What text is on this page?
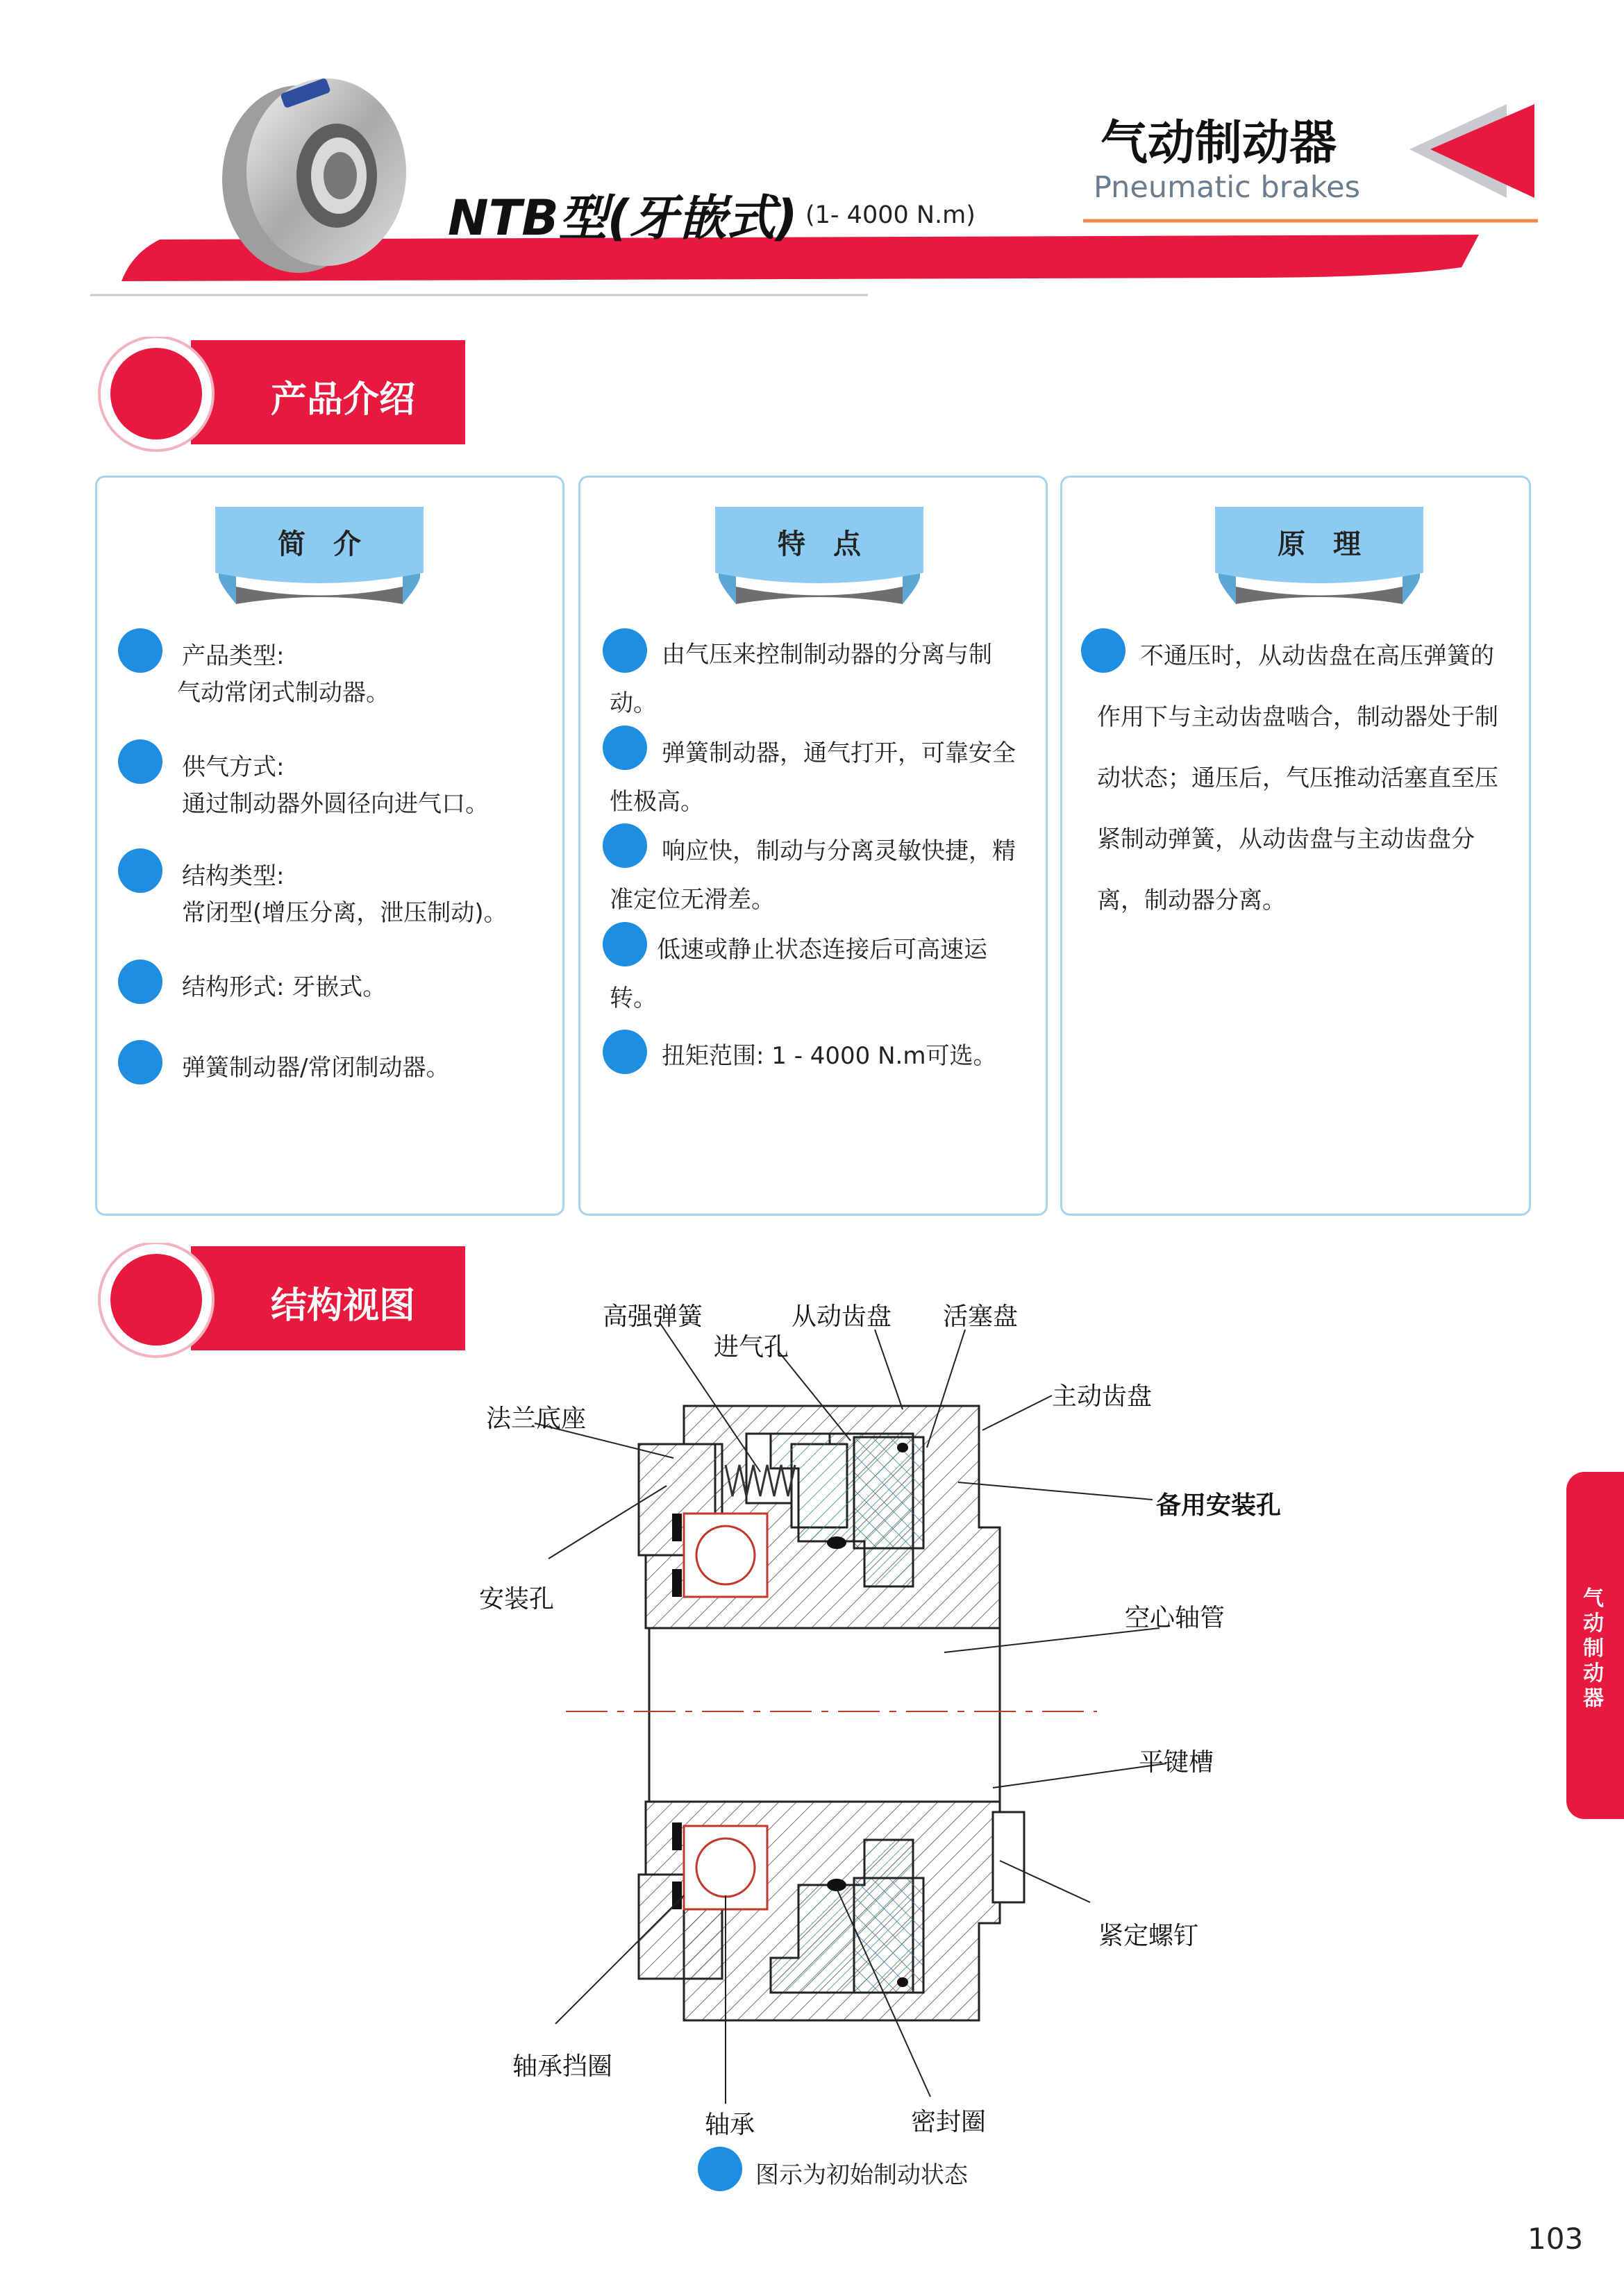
NTB型(牙嵌式) (1- 4000 N.m)
气动制动器
Pneumatic brakes
产品介绍
简　介
产品类型:
气动常闭式制动器。
供气方式:
通过制动器外圆径向进气口。
结构类型:
常闭型(增压分离，泄压制动)。
结构形式: 牙嵌式。
弹簧制动器/常闭制动器。
特　点
由气压来控制制动器的分离与制
动。
弹簧制动器，通气打开，可靠安全
性极高。
响应快，制动与分离灵敏快捷，精
准定位无滑差。
低速或静止状态连接后可高速运
转。
扭矩范围: 1 - 4000 N.m可选。
原　理
不通压时，从动齿盘在高压弹簧的
作用下与主动齿盘啮合，制动器处于制
动状态；通压后，气压推动活塞直至压
紧制动弹簧，从动齿盘与主动齿盘分
离，制动器分离。
结构视图	高强弹簧	从动齿盘 活塞盘
进气孔
主动齿盘
法兰底座
备用安装孔
安装孔
空心轴管
平键槽
紧定螺钉
轴承挡圈
轴承	密封圈
图示为初始制动状态
气动制动器
103
